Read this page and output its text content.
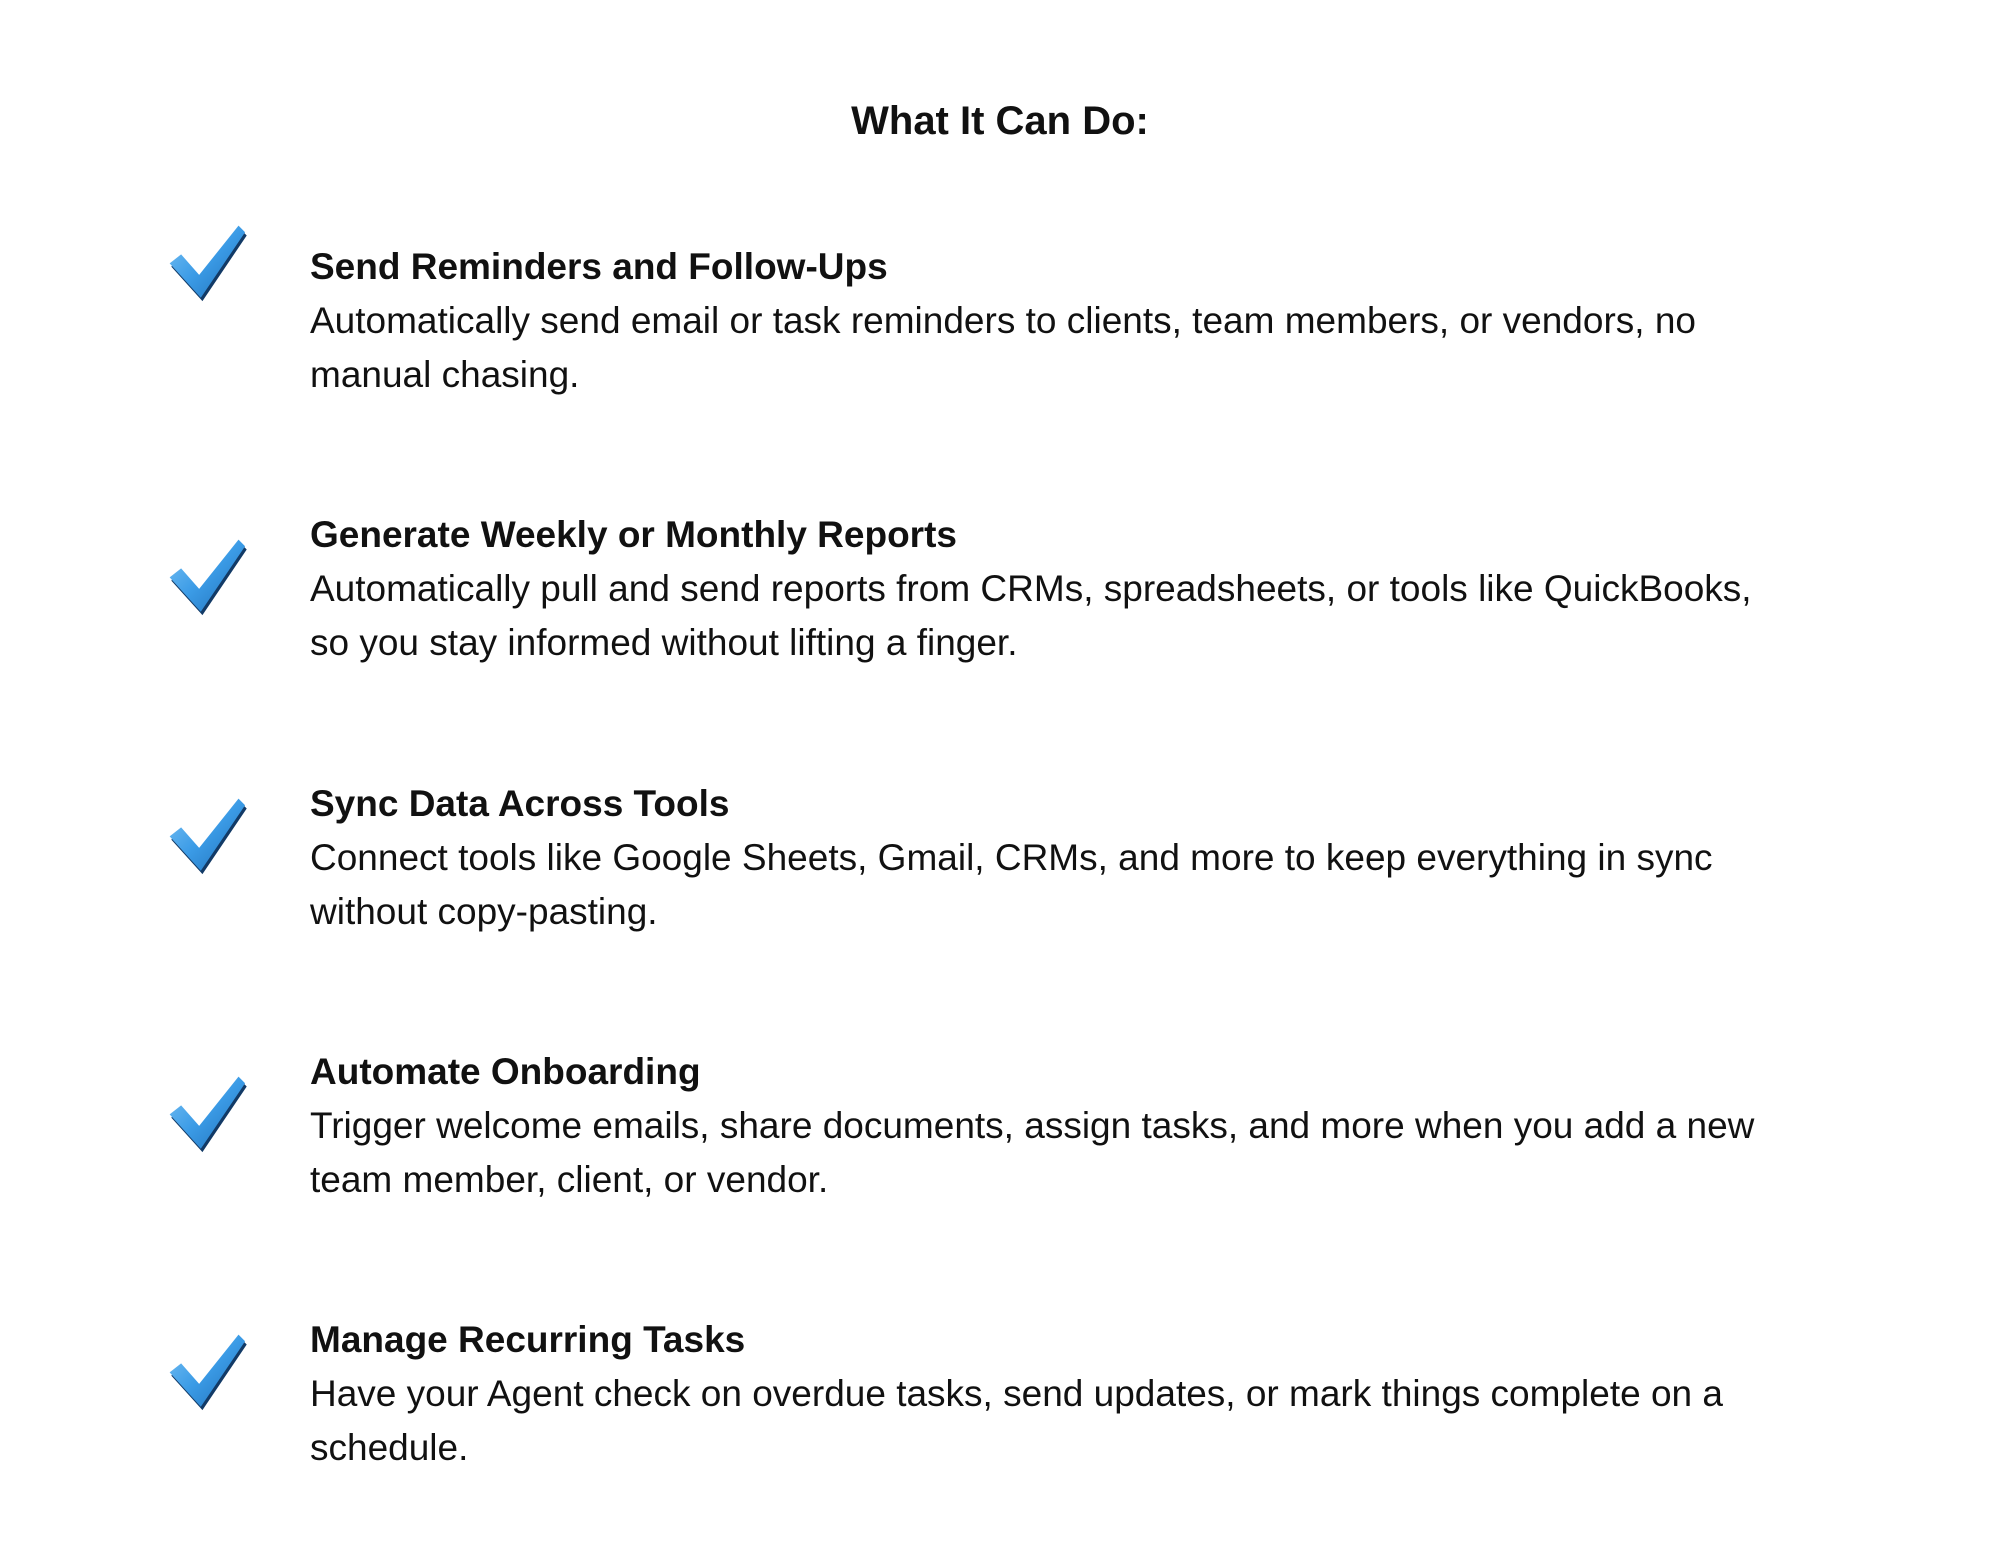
What It Can Do:

Send Reminders and Follow-Ups

Automatically send email or task reminders to clients, team members, or vendors, no manual chasing.

Generate Weekly or Monthly Reports

Automatically pull and send reports from CRMs, spreadsheets, or tools like QuickBooks, so you stay informed without lifting a finger.

Sync Data Across Tools

Connect tools like Google Sheets, Gmail, CRMs, and more to keep everything in sync without copy-pasting.

Automate Onboarding

Trigger welcome emails, share documents, assign tasks, and more when you add a new team member, client, or vendor.

Manage Recurring Tasks

Have your Agent check on overdue tasks, send updates, or mark things complete on a schedule.
